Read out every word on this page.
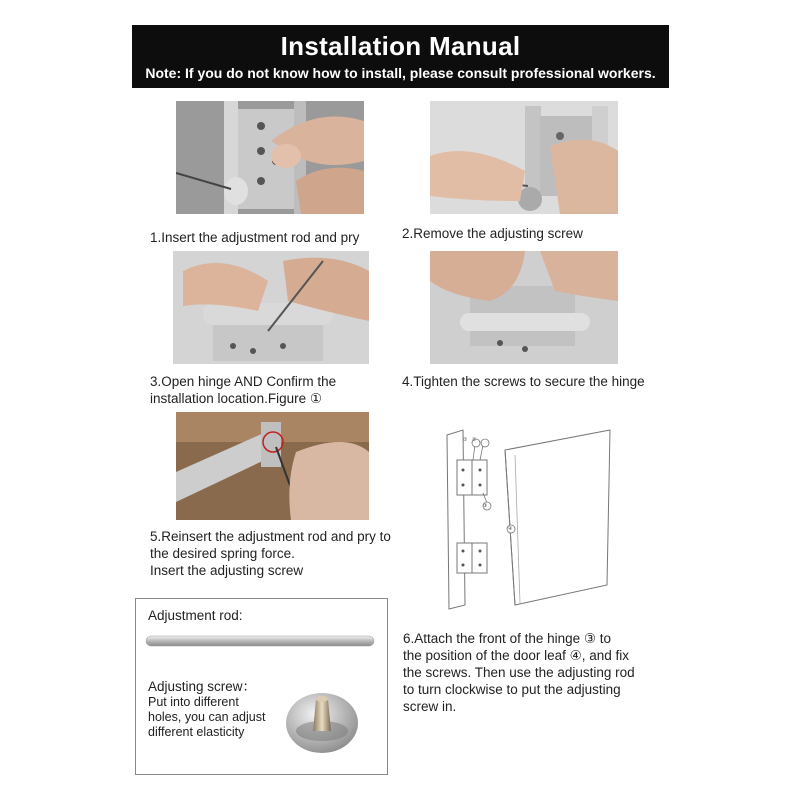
Installation Manual
Note: If you do not know how to install, please consult professional workers.
1.Insert the adjustment rod and pry	2.Remove the adjusting screw
3.Open hinge AND Confirm the
installation location.Figure ①
4.Tighten the screws to secure the hinge
5.Reinsert the adjustment rod and pry to
the desired spring force.
Insert the adjusting screw
②
③
④
①
Adjustment rod:
Adjusting screw：
Put into different
holes, you can adjust
different elasticity
6.Attach the front of the hinge ③ to
the position of the door leaf ④, and fix
the screws. Then use the adjusting rod
to turn clockwise to put the adjusting
screw in.
